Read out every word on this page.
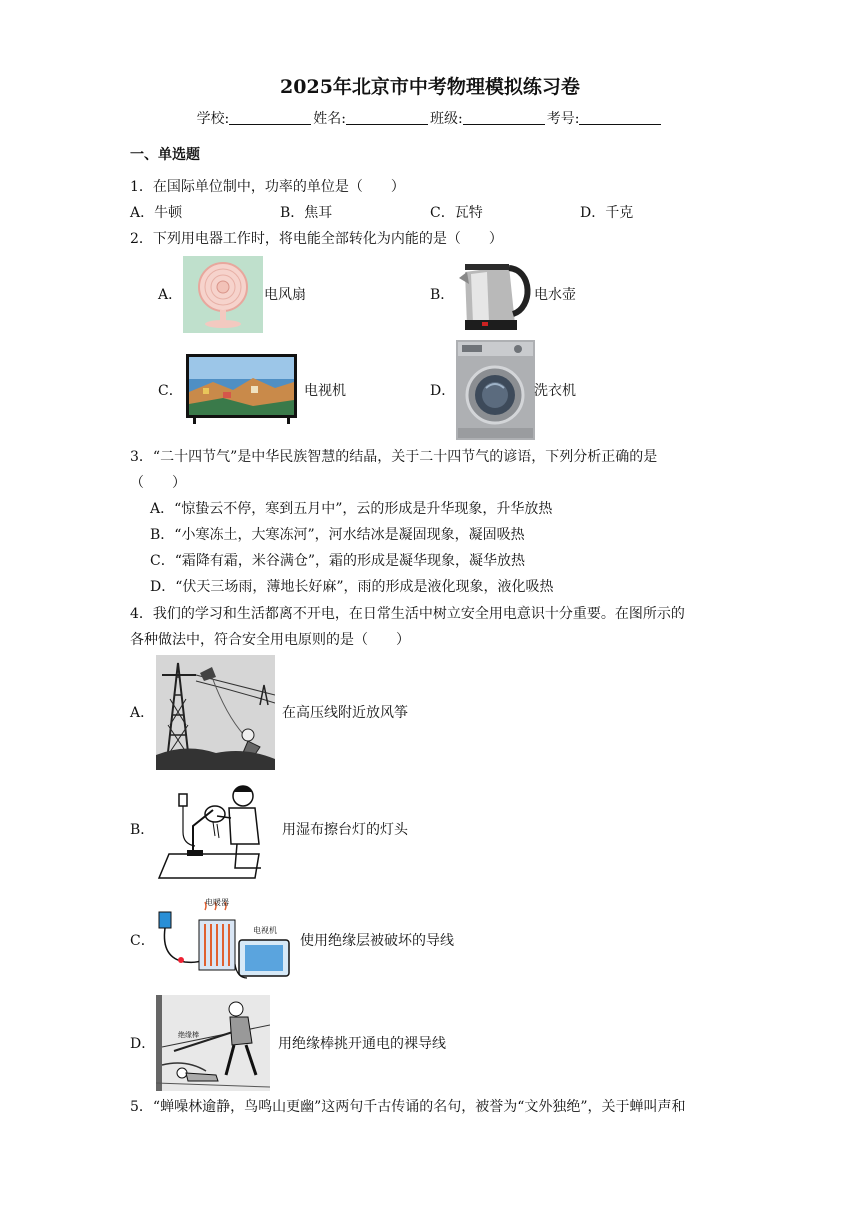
2025年北京市中考物理模拟练习卷
学校:	姓名:	班级:	考号:
一、单选题
1．在国际单位制中，功率的单位是（　　）
A．牛顿	B．焦耳	C．瓦特	D．千克
2．下列用电器工作时，将电能全部转化为内能的是（　　）
A．	电风扇	B．	电水壶
C．	电视机	D．	洗衣机
3．“二十四节气”是中华民族智慧的结晶，关于二十四节气的谚语，下列分析正确的是
（　　）
A．“惊蛰云不停，寒到五月中”，云的形成是升华现象，升华放热
B．“小寒冻土，大寒冻河”，河水结冰是凝固现象，凝固吸热
C．“霜降有霜，米谷满仓”，霜的形成是凝华现象，凝华放热
D．“伏天三场雨，薄地长好麻”，雨的形成是液化现象，液化吸热
4．我们的学习和生活都离不开电，在日常生活中树立安全用电意识十分重要。在图所示的
各种做法中，符合安全用电原则的是（　　）
A．	在高压线附近放风筝
B．	用湿布擦台灯的灯头
C．
电暖器
电视机
使用绝缘层被破坏的导线
D．
绝缘棒
用绝缘棒挑开通电的裸导线
5．“蝉噪林逾静，鸟鸣山更幽”这两句千古传诵的名句，被誉为“文外独绝”，关于蝉叫声和
